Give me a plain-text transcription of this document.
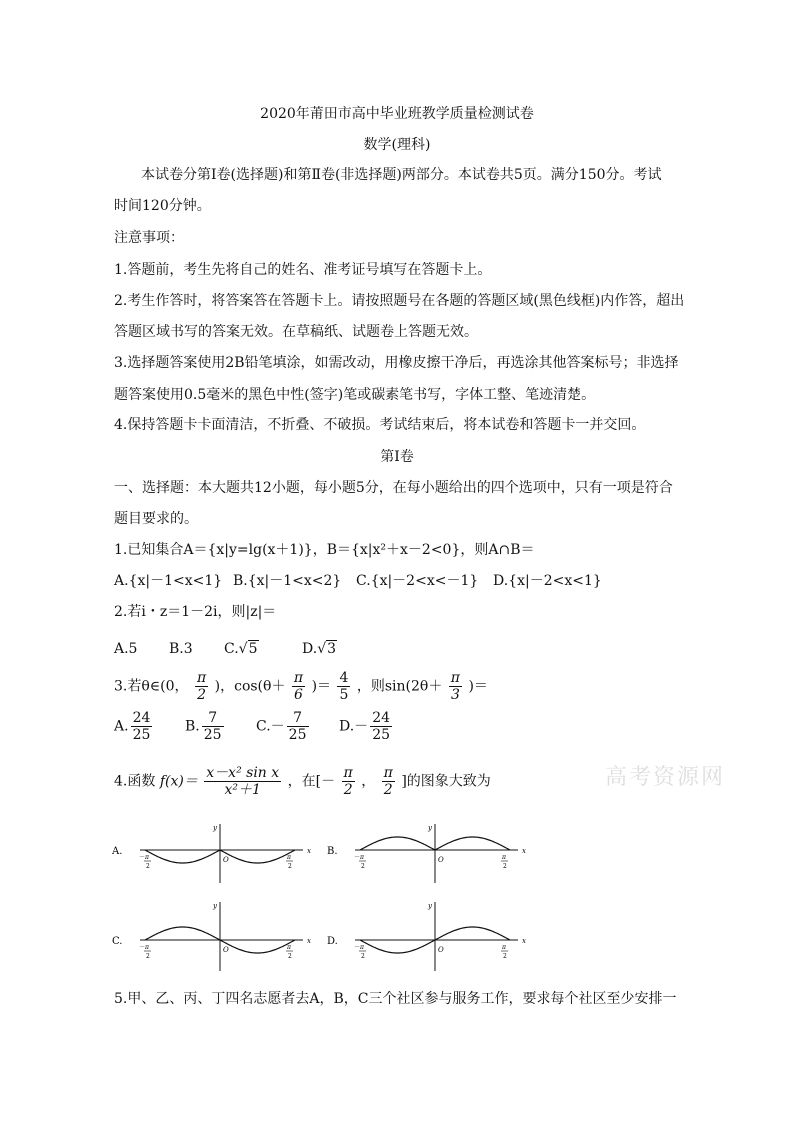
2020年莆田市高中毕业班教学质量检测试卷
数学(理科)
本试卷分第Ⅰ卷(选择题)和第Ⅱ卷(非选择题)两部分。本试卷共5页。满分150分。考试
时间120分钟。
注意事项：
1.答题前，考生先将自己的姓名、准考证号填写在答题卡上。
2.考生作答时，将答案答在答题卡上。请按照题号在各题的答题区域(黑色线框)内作答，超出
答题区域书写的答案无效。在草稿纸、试题卷上答题无效。
3.选择题答案使用2B铅笔填涂，如需改动，用橡皮擦干净后，再选涂其他答案标号；非选择
题答案使用0.5毫米的黑色中性(签字)笔或碳素笔书写，字体工整、笔迹清楚。
4.保持答题卡卡面清洁，不折叠、不破损。考试结束后，将本试卷和答题卡一并交回。
第Ⅰ卷
一、选择题：本大题共12小题，每小题5分，在每小题给出的四个选项中，只有一项是符合
题目要求的。
1.已知集合A＝{x|y=lg(x＋1)}，B＝{x|x²＋x－2<0}，则A∩B＝
A.{x|－1<x<1} B.{x|－1<x<2} C.{x|－2<x<－1} D.{x|－2<x<1}
2.若i・z＝1－2i，则|z|＝
A.5 B.3 C.√5	D.√3
3.若θ∈(0， $\frac{\pi}{2}$ )，$\cos(\theta+ \frac{\pi}{6}$ )＝ $\frac{4}{5}$ ，则$\sin(2\theta+ \frac{\pi}{3}$ )＝
A. $\frac{24}{25} B$. $\frac{7}{25} C.- \frac{7}{25} D.- \frac{24}{25}$
4.函数 $f(x)= \frac{\text{x－x² sin x}}{\text{x²＋1}}$ ，在[－ $\frac{\pi}{2}$ ， $\frac{\pi}{2}$ ]的图象大致为	高考资源网
A.	x
y
O
－ π
2
π
2
B.	x
y
O
－ π
2
π
2
C.	x
y
O
－ π
2
π
2
D.	x
y
O
－ π
2
π
2
5.甲、乙、丙、丁四名志愿者去A，B，C三个社区参与服务工作，要求每个社区至少安排一
